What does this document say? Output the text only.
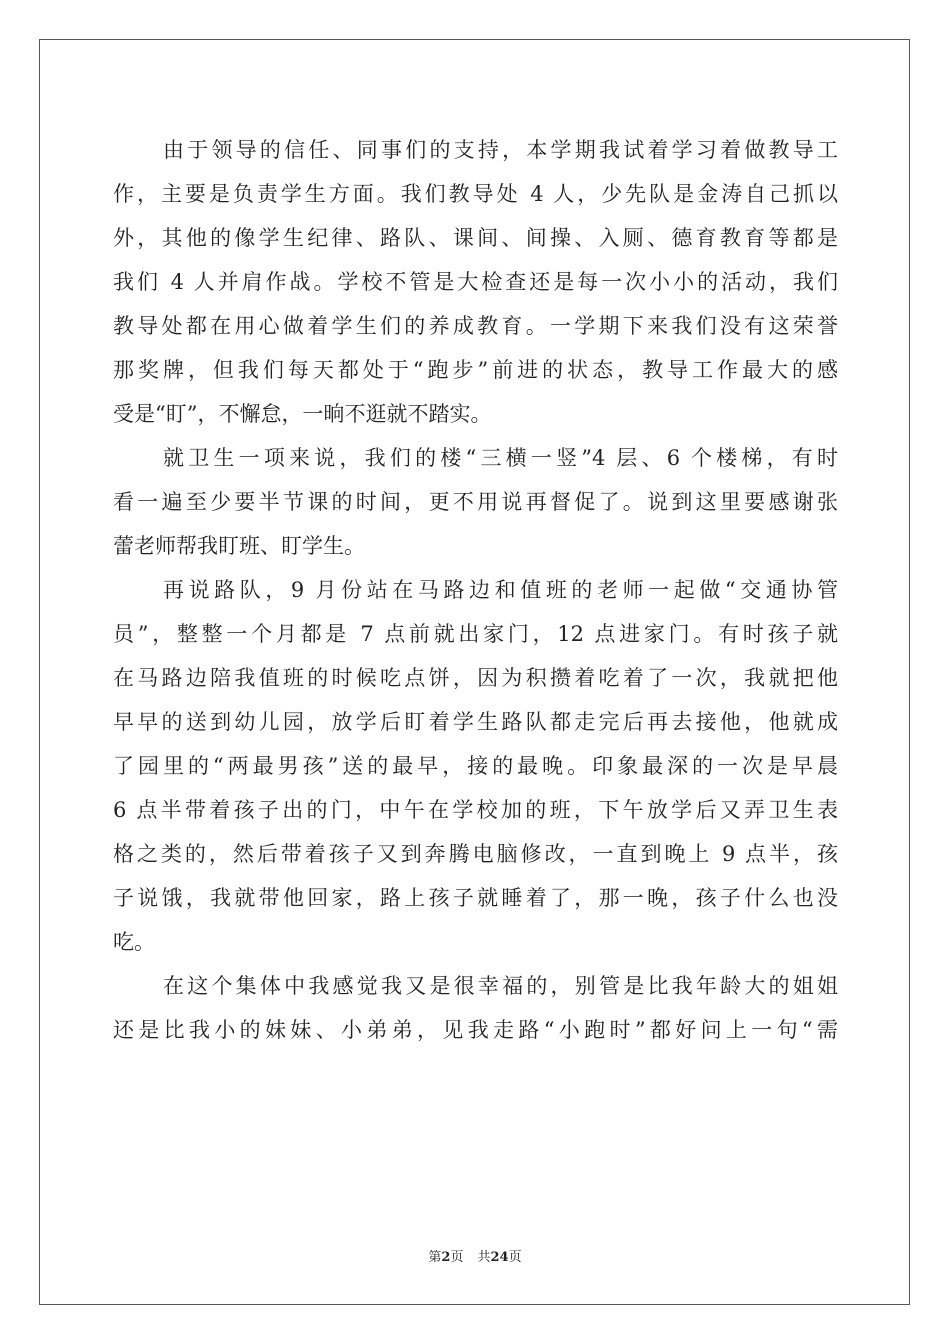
由于领导的信任、同事们的支持，本学期我试着学习着做教导工
作，主要是负责学生方面。我们教导处 4 人，少先队是金涛自己抓以
外，其他的像学生纪律、路队、课间、间操、入厕、德育教育等都是
我们 4 人并肩作战。学校不管是大检查还是每一次小小的活动，我们
教导处都在用心做着学生们的养成教育。一学期下来我们没有这荣誉
那奖牌，但我们每天都处于“跑步”前进的状态，教导工作最大的感
受是“盯”，不懈怠，一晌不逛就不踏实。
就卫生一项来说，我们的楼“三横一竖”4 层、6 个楼梯，有时
看一遍至少要半节课的时间，更不用说再督促了。说到这里要感谢张
蕾老师帮我盯班、盯学生。
再说路队，9 月份站在马路边和值班的老师一起做“交通协管
员”，整整一个月都是 7 点前就出家门，12 点进家门。有时孩子就
在马路边陪我值班的时候吃点饼，因为积攒着吃着了一次，我就把他
早早的送到幼儿园，放学后盯着学生路队都走完后再去接他，他就成
了园里的“两最男孩”送的最早，接的最晚。印象最深的一次是早晨
6 点半带着孩子出的门，中午在学校加的班，下午放学后又弄卫生表
格之类的，然后带着孩子又到奔腾电脑修改，一直到晚上 9 点半，孩
子说饿，我就带他回家，路上孩子就睡着了，那一晚，孩子什么也没
吃。
在这个集体中我感觉我又是很幸福的，别管是比我年龄大的姐姐
还是比我小的妹妹、小弟弟，见我走路“小跑时”都好问上一句“需
第2页 共24页
